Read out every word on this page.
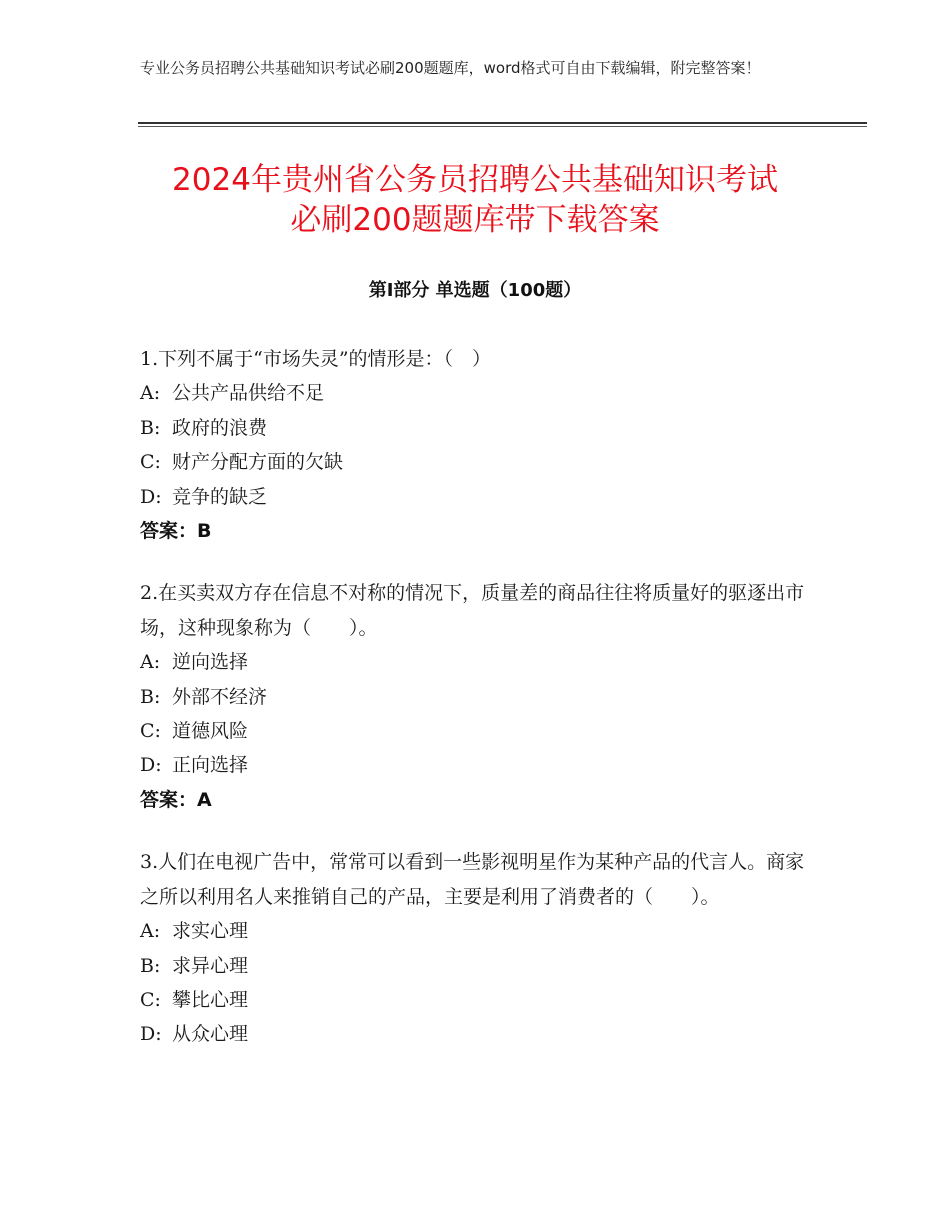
专业公务员招聘公共基础知识考试必刷200题题库，word格式可自由下载编辑，附完整答案！
2024年贵州省公务员招聘公共基础知识考试
必刷200题题库带下载答案
第Ⅰ部分 单选题（100题）

1.下列不属于“市场失灵”的情形是：（　）

A: 公共产品供给不足

B: 政府的浪费

C: 财产分配方面的欠缺

D: 竞争的缺乏

答案：B

2.在买卖双方存在信息不对称的情况下，质量差的商品往往将质量好的驱逐出市场，这种现象称为（　　）。

A: 逆向选择

B: 外部不经济

C: 道德风险

D: 正向选择

答案：A

3.人们在电视广告中，常常可以看到一些影视明星作为某种产品的代言人。商家之所以利用名人来推销自己的产品，主要是利用了消费者的（　　）。

A: 求实心理

B: 求异心理

C: 攀比心理

D: 从众心理
